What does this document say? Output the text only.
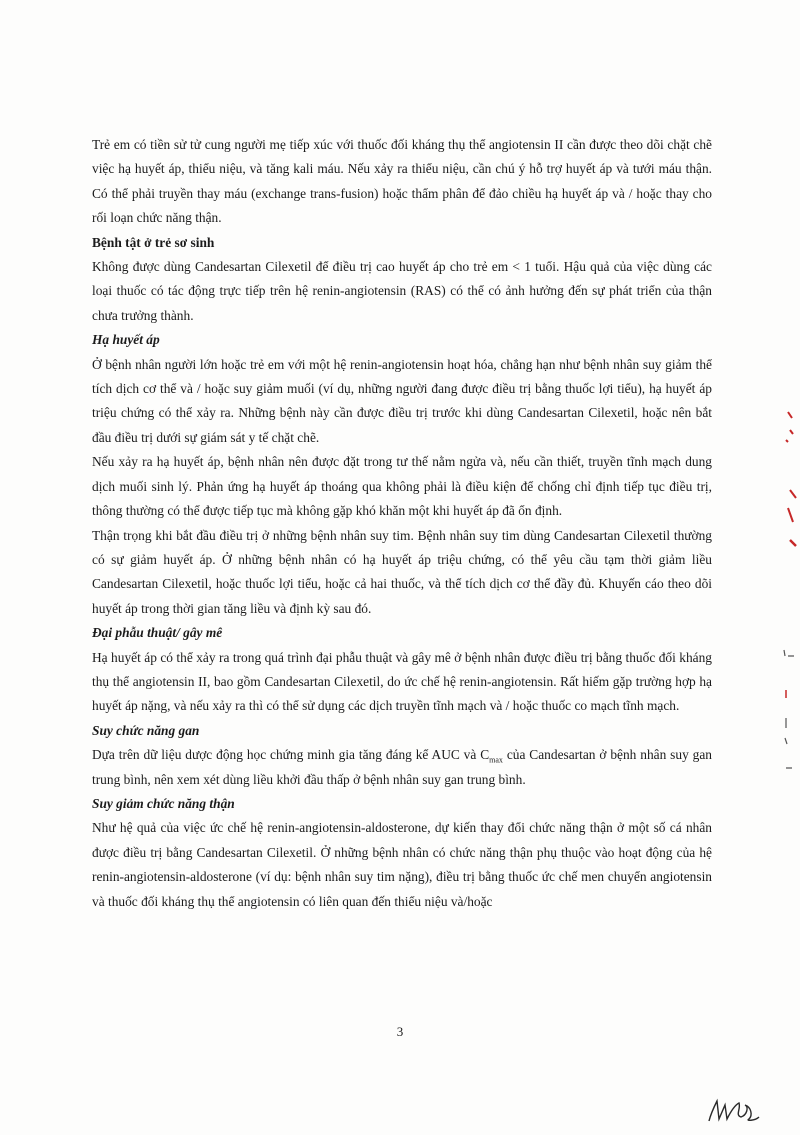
Trẻ em có tiền sử tử cung người mẹ tiếp xúc với thuốc đối kháng thụ thể angiotensin II cần được theo dõi chặt chẽ việc hạ huyết áp, thiểu niệu, và tăng kali máu. Nếu xảy ra thiểu niệu, cần chú ý hỗ trợ huyết áp và tưới máu thận. Có thể phải truyền thay máu (exchange trans-fusion) hoặc thẩm phân để đảo chiều hạ huyết áp và / hoặc thay cho rối loạn chức năng thận.

Bệnh tật ở trẻ sơ sinh

Không được dùng Candesartan Cilexetil để điều trị cao huyết áp cho trẻ em < 1 tuổi. Hậu quả của việc dùng các loại thuốc có tác động trực tiếp trên hệ renin-angiotensin (RAS) có thể có ảnh hưởng đến sự phát triển của thận chưa trưởng thành.

Hạ huyết áp

Ở bệnh nhân người lớn hoặc trẻ em với một hệ renin-angiotensin hoạt hóa, chẳng hạn như bệnh nhân suy giảm thể tích dịch cơ thể và / hoặc suy giảm muối (ví dụ, những người đang được điều trị bằng thuốc lợi tiểu), hạ huyết áp triệu chứng có thể xảy ra. Những bệnh này cần được điều trị trước khi dùng Candesartan Cilexetil, hoặc nên bắt đầu điều trị dưới sự giám sát y tế chặt chẽ.

Nếu xảy ra hạ huyết áp, bệnh nhân nên được đặt trong tư thế nằm ngửa và, nếu cần thiết, truyền tĩnh mạch dung dịch muối sinh lý. Phản ứng hạ huyết áp thoáng qua không phải là điều kiện để chống chỉ định tiếp tục điều trị, thông thường có thể được tiếp tục mà không gặp khó khăn một khi huyết áp đã ổn định.

Thận trọng khi bắt đầu điều trị ở những bệnh nhân suy tim. Bệnh nhân suy tim dùng Candesartan Cilexetil thường có sự giảm huyết áp. Ở những bệnh nhân có hạ huyết áp triệu chứng, có thể yêu cầu tạm thời giảm liều Candesartan Cilexetil, hoặc thuốc lợi tiểu, hoặc cả hai thuốc, và thể tích dịch cơ thể đầy đủ. Khuyến cáo theo dõi huyết áp trong thời gian tăng liều và định kỳ sau đó.

Đại phẫu thuật/ gây mê

Hạ huyết áp có thể xảy ra trong quá trình đại phẫu thuật và gây mê ở bệnh nhân được điều trị bằng thuốc đối kháng thụ thể angiotensin II, bao gồm Candesartan Cilexetil, do ức chế hệ renin-angiotensin. Rất hiếm gặp trường hợp hạ huyết áp nặng, và nếu xảy ra thì có thể sử dụng các dịch truyền tĩnh mạch và / hoặc thuốc co mạch tĩnh mạch.

Suy chức năng gan

Dựa trên dữ liệu dược động học chứng minh gia tăng đáng kể AUC và $C_{max}$ của Candesartan ở bệnh nhân suy gan trung bình, nên xem xét dùng liều khởi đầu thấp ở bệnh nhân suy gan trung bình.

Suy giảm chức năng thận

Như hệ quả của việc ức chế hệ renin-angiotensin-aldosterone, dự kiến thay đổi chức năng thận ở một số cá nhân được điều trị bằng Candesartan Cilexetil. Ở những bệnh nhân có chức năng thận phụ thuộc vào hoạt động của hệ renin-angiotensin-aldosterone (ví dụ: bệnh nhân suy tim nặng), điều trị bằng thuốc ức chế men chuyển angiotensin và thuốc đối kháng thụ thể angiotensin có liên quan đến thiểu niệu và/hoặc

3
